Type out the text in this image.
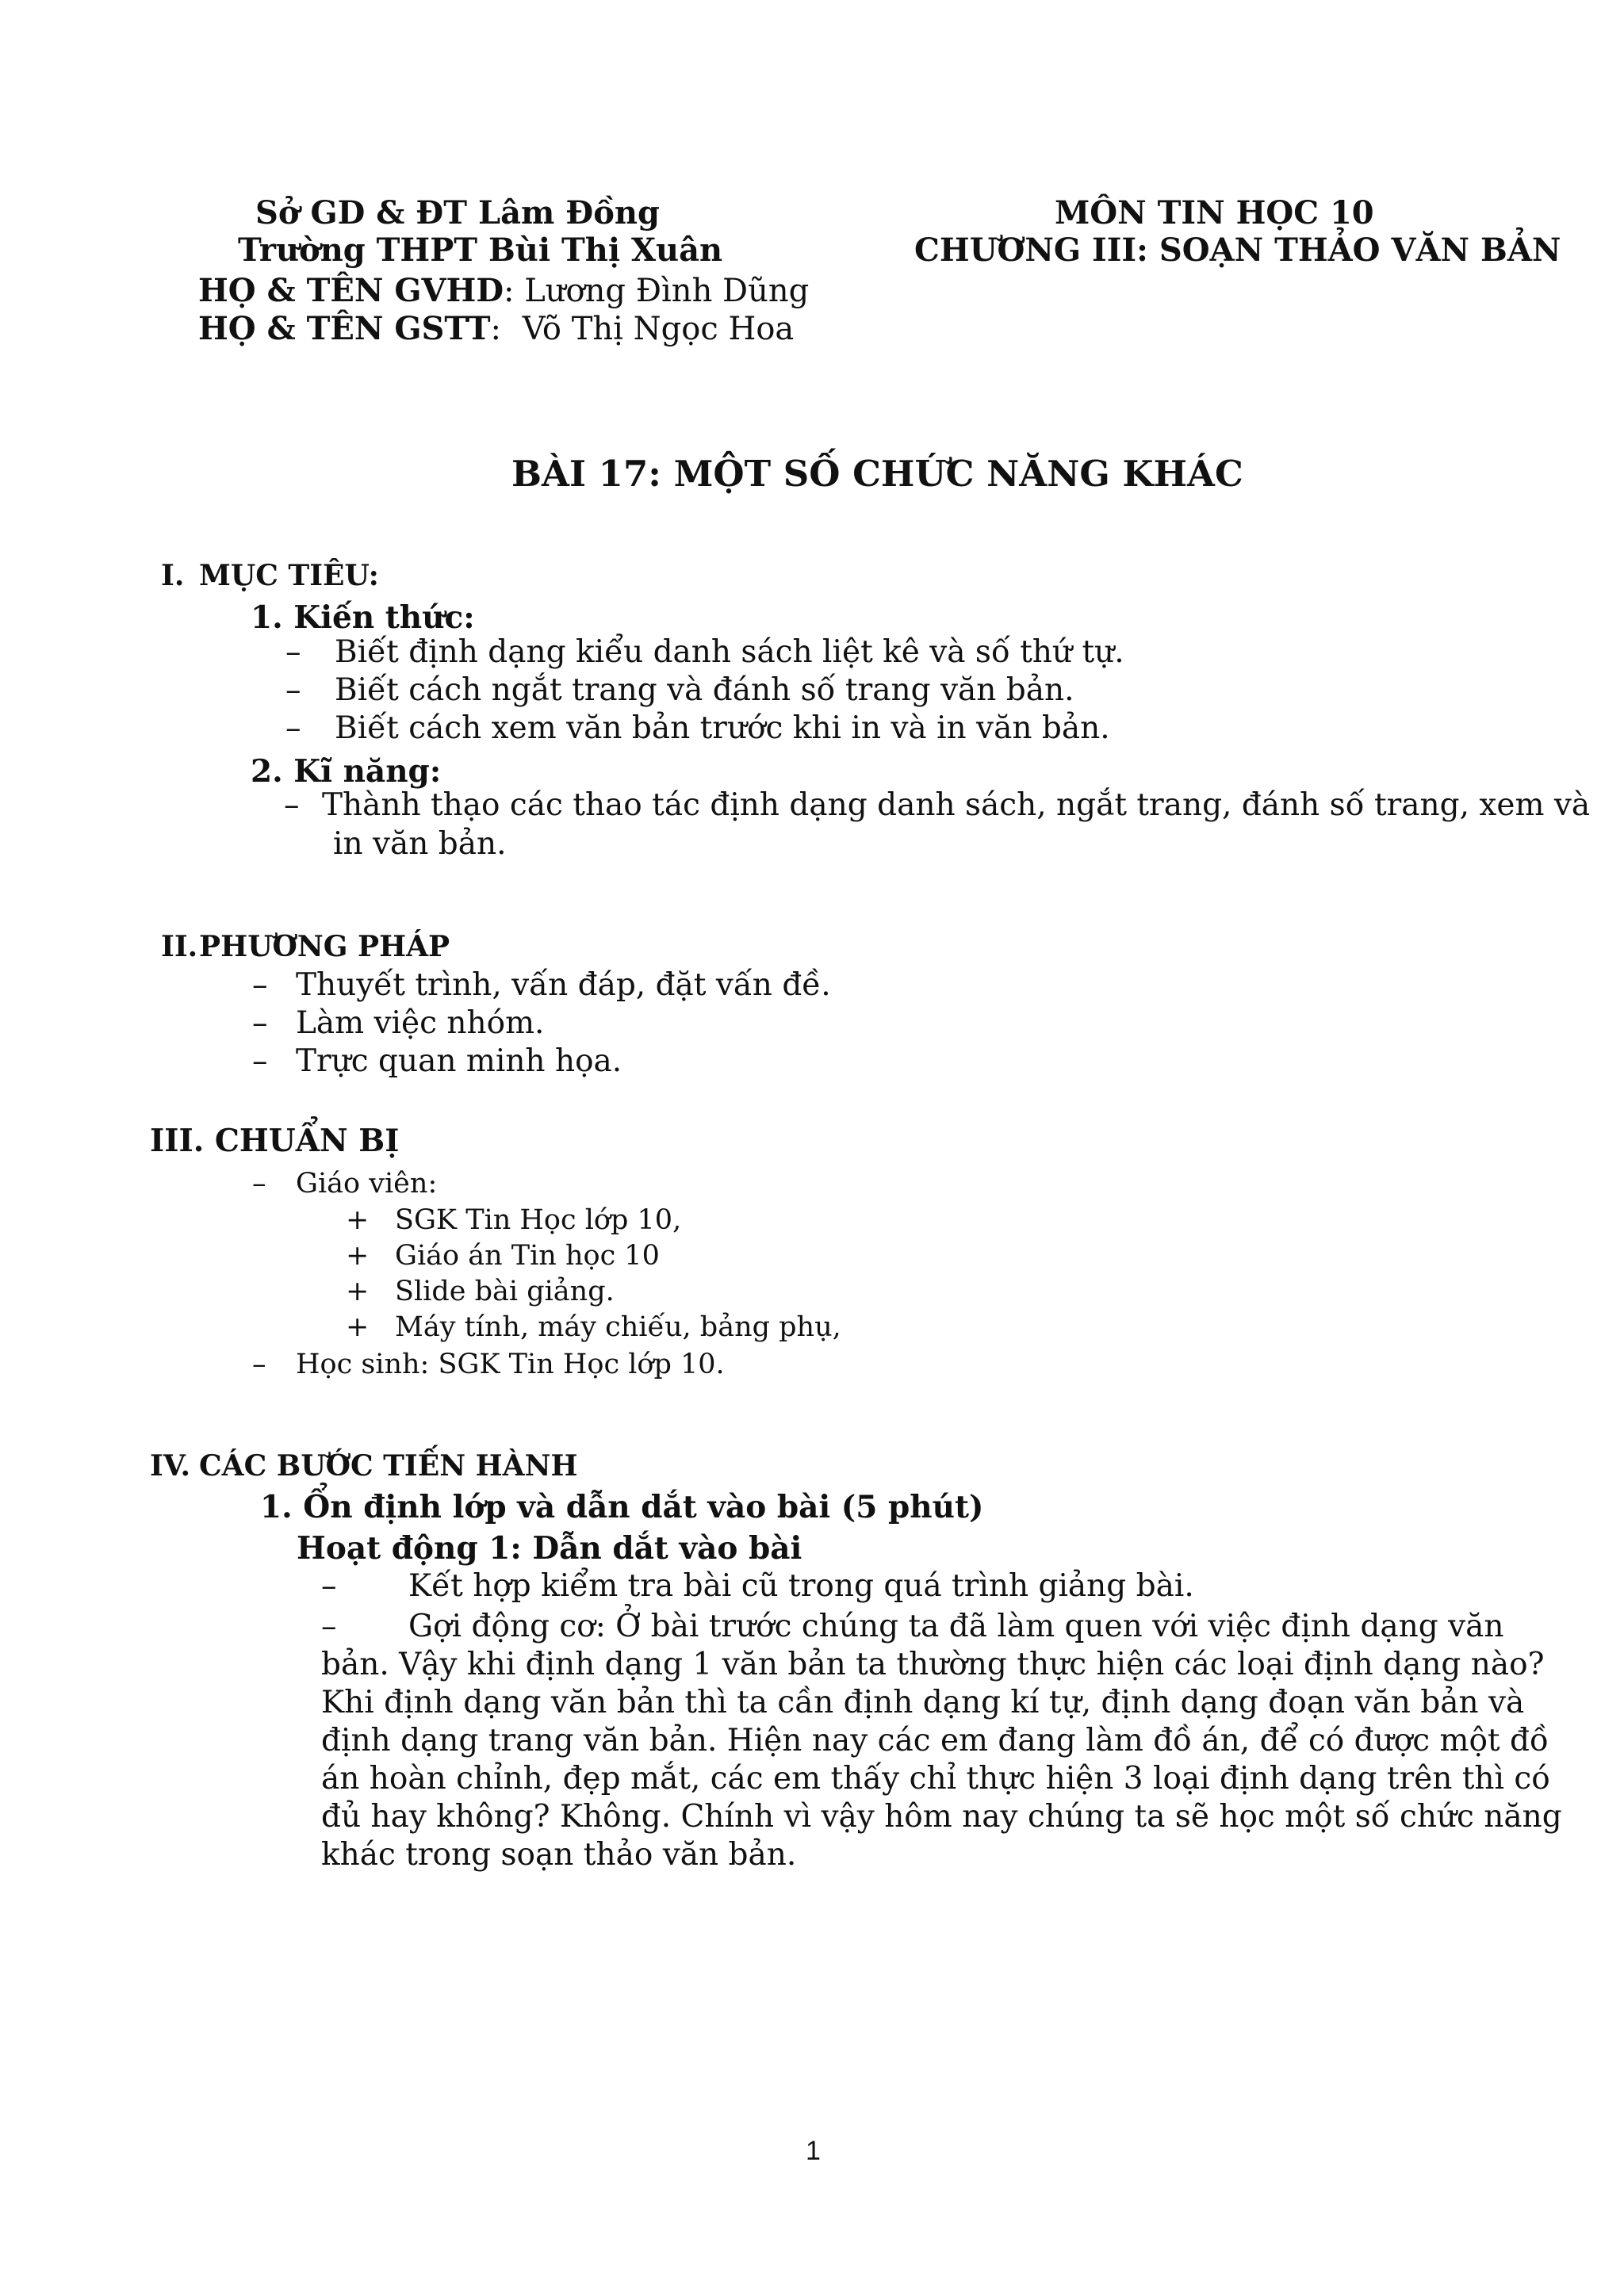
Sở GD & ĐT Lâm Đồng
Trường THPT Bùi Thị Xuân
HỌ & TÊN GVHD: Lương Đình Dũng
HỌ & TÊN GSTT: Võ Thị Ngọc Hoa
MÔN TIN HỌC 10
CHƯƠNG III: SOẠN THẢO VĂN BẢN
BÀI 17: MỘT SỐ CHỨC NĂNG KHÁC
I. MỤC TIÊU:
1. Kiến thức:
– Biết định dạng kiểu danh sách liệt kê và số thứ tự.
– Biết cách ngắt trang và đánh số trang văn bản.
– Biết cách xem văn bản trước khi in và in văn bản.
2. Kĩ năng:
– Thành thạo các thao tác định dạng danh sách, ngắt trang, đánh số trang, xem và
in văn bản.
II.PHƯƠNG PHÁP
– Thuyết trình, vấn đáp, đặt vấn đề.
– Làm việc nhóm.
– Trực quan minh họa.
III. CHUẨN BỊ
– Giáo viên:
+ SGK Tin Học lớp 10,
+ Giáo án Tin học 10
+ Slide bài giảng.
+ Máy tính, máy chiếu, bảng phụ,
– Học sinh: SGK Tin Học lớp 10.
IV. CÁC BƯỚC TIẾN HÀNH
1. Ổn định lớp và dẫn dắt vào bài (5 phút)
Hoạt động 1: Dẫn dắt vào bài
– Kết hợp kiểm tra bài cũ trong quá trình giảng bài.
– Gợi động cơ: Ở bài trước chúng ta đã làm quen với việc định dạng văn
bản. Vậy khi định dạng 1 văn bản ta thường thực hiện các loại định dạng nào?
Khi định dạng văn bản thì ta cần định dạng kí tự, định dạng đoạn văn bản và
định dạng trang văn bản. Hiện nay các em đang làm đồ án, để có được một đồ
án hoàn chỉnh, đẹp mắt, các em thấy chỉ thực hiện 3 loại định dạng trên thì có
đủ hay không? Không. Chính vì vậy hôm nay chúng ta sẽ học một số chức năng
khác trong soạn thảo văn bản.
1
